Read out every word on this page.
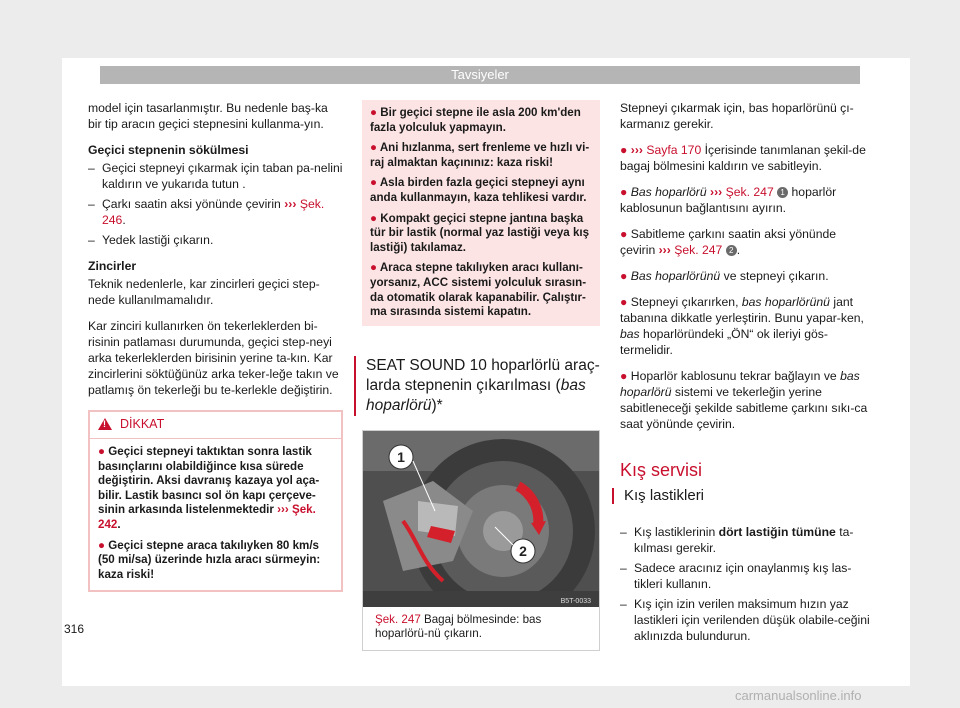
Tavsiyeler

model için tasarlanmıştır. Bu nedenle baş-ka bir tip aracın geçici stepnesini kullanma-yın.

Geçici stepnenin sökülmesi
– Geçici stepneyi çıkarmak için taban pa-nelini kaldırın ve yukarıda tutun .
– Çarkı saatin aksi yönünde çevirin ››› Şek. 246.
– Yedek lastiği çıkarın.
Zincirler

Teknik nedenlerle, kar zincirleri geçici step-nede kullanılmamalıdır.

Kar zinciri kullanırken ön tekerleklerden bi-risinin patlaması durumunda, geçici step-neyi arka tekerleklerden birisinin yerine ta-kın. Kar zincirlerini söktüğünüz arka teker-leğe takın ve patlamış ön tekerleği bu te-kerlekle değiştirin.

!
DİKKAT
● Geçici stepneyi taktıktan sonra lastik basınçlarını olabildiğince kısa sürede değiştirin. Aksi davranış kazaya yol aça-bilir. Lastik basıncı sol ön kapı çerçeve-sinin arkasında listelenmektedir ››› Şek. 242.
● Geçici stepne araca takılıyken 80 km/s (50 mi/sa) üzerinde hızla aracı sürmeyin: kaza riski!
● Bir geçici stepne ile asla 200 km'den fazla yolculuk yapmayın.
● Ani hızlanma, sert frenleme ve hızlı vi-raj almaktan kaçınınız: kaza riski!
● Asla birden fazla geçici stepneyi aynı anda kullanmayın, kaza tehlikesi vardır.
● Kompakt geçici stepne jantına başka tür bir lastik (normal yaz lastiği veya kış lastiği) takılamaz.
● Araca stepne takılıyken aracı kullanı-yorsanız, ACC sistemi yolculuk sırasın-da otomatik olarak kapanabilir. Çalıştır-ma sırasında sistemi kapatın.
SEAT SOUND 10 hoparlörlü araç-larda stepnenin çıkarılması (bas hoparlörü)*
1
2
B5T-0033
Şek. 247 Bagaj bölmesinde: bas hoparlörü-nü çıkarın.

Stepneyi çıkarmak için, bas hoparlörünü çı-karmanız gerekir.

● ››› Sayfa 170 İçerisinde tanımlanan şekil-de bagaj bölmesini kaldırın ve sabitleyin.

● Bas hoparlörü ››› Şek. 247 1 hoparlör kablosunun bağlantısını ayırın.

● Sabitleme çarkını saatin aksi yönünde çevirin ››› Şek. 247 2 .

● Bas hoparlörünü ve stepneyi çıkarın.

● Stepneyi çıkarırken, bas hoparlörünü jant tabanına dikkatle yerleştirin. Bunu yapar-ken, bas hoparlöründeki „ÖN“ ok ileriyi gös-termelidir.

● Hoparlör kablosunu tekrar bağlayın ve bas hoparlörü sistemi ve tekerleğin yerine sabitleneceği şekilde sabitleme çarkını sıkı-ca saat yönünde çevirin.

Kış servisi
Kış lastikleri
– Kış lastiklerinin dört lastiğin tümüne ta-kılması gerekir.
– Sadece aracınız için onaylanmış kış las-tikleri kullanın.
– Kış için izin verilen maksimum hızın yaz lastikleri için verilenden düşük olabile-ceğini aklınızda bulundurun.
316
carmanualsonline.info
